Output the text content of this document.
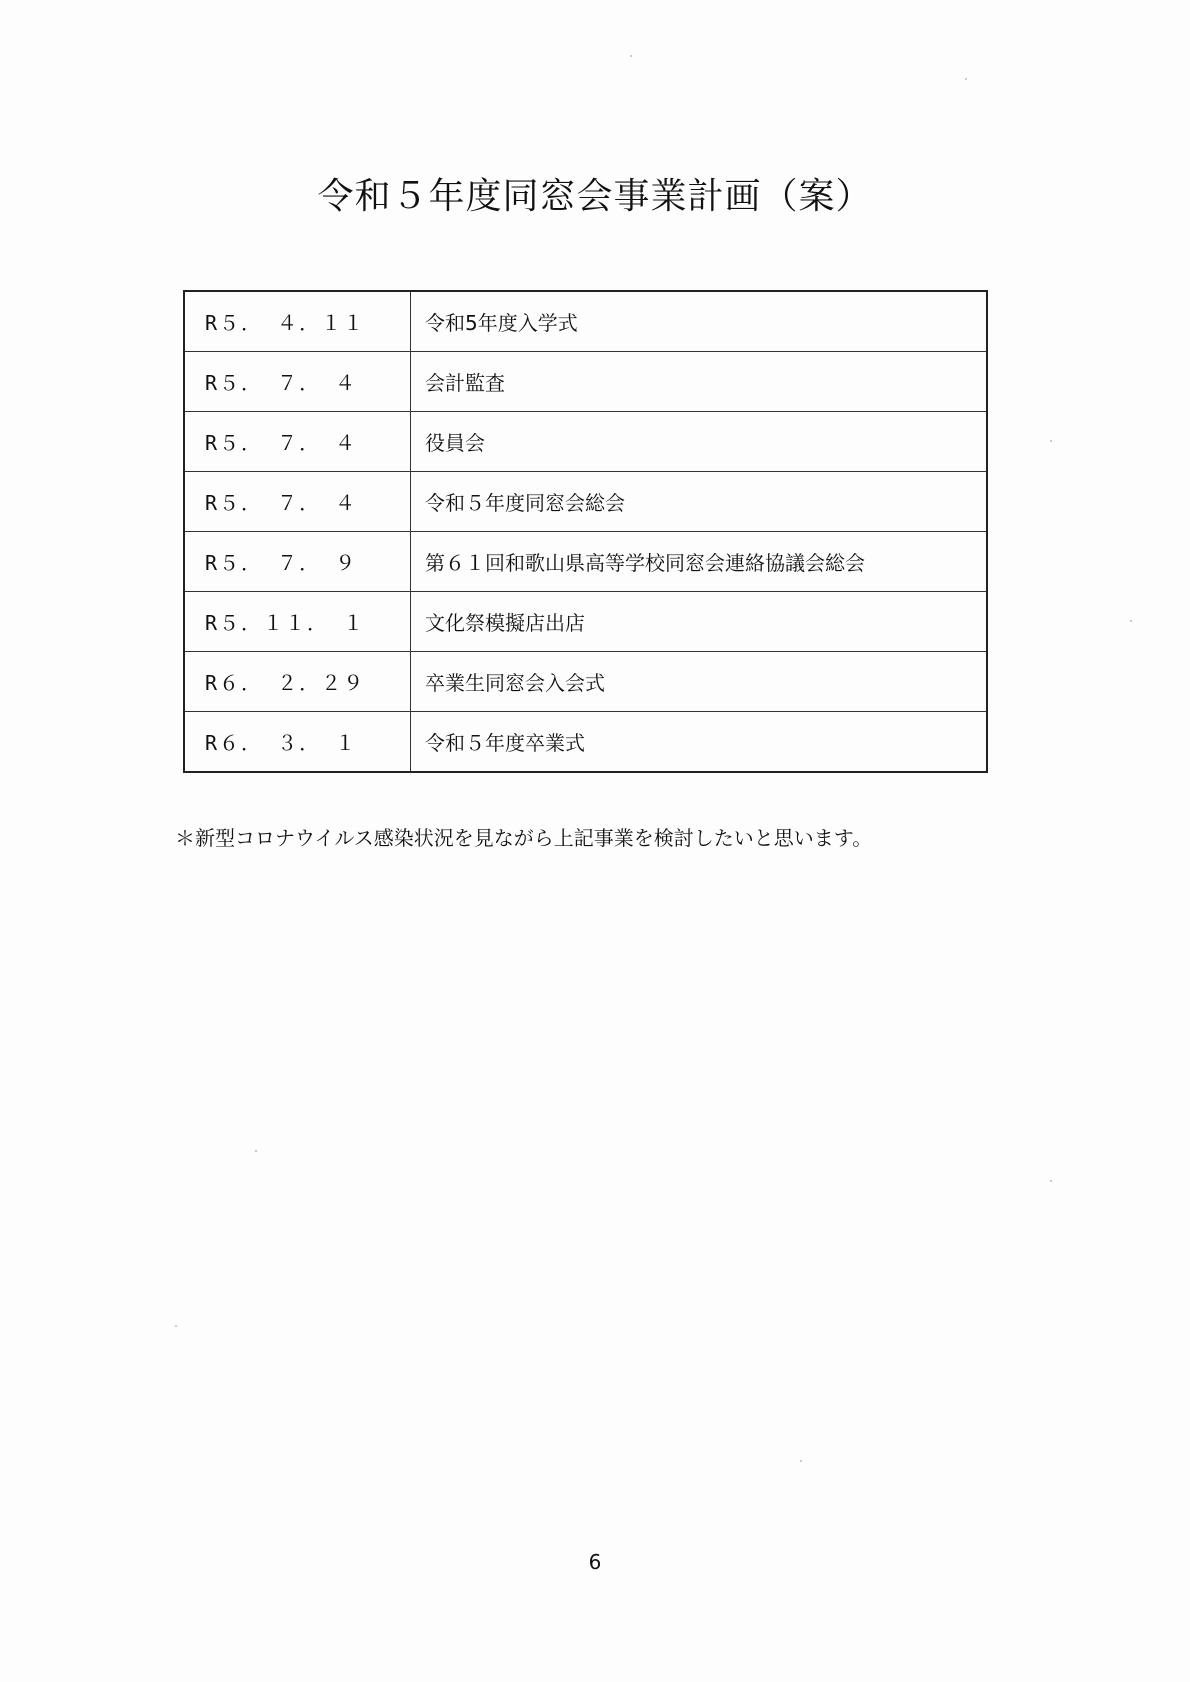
令和５年度同窓会事業計画（案）
R５． ４．１１	令和5年度入学式
R５． ７． ４	会計監査
R５． ７． ４	役員会
R５． ７． ４	令和５年度同窓会総会
R５． ７． ９	第６１回和歌山県高等学校同窓会連絡協議会総会
R５．１１． １	文化祭模擬店出店
R６． ２．２９	卒業生同窓会入会式
R６． ３． １	令和５年度卒業式
＊新型コロナウイルス感染状況を見ながら上記事業を検討したいと思います。
6
